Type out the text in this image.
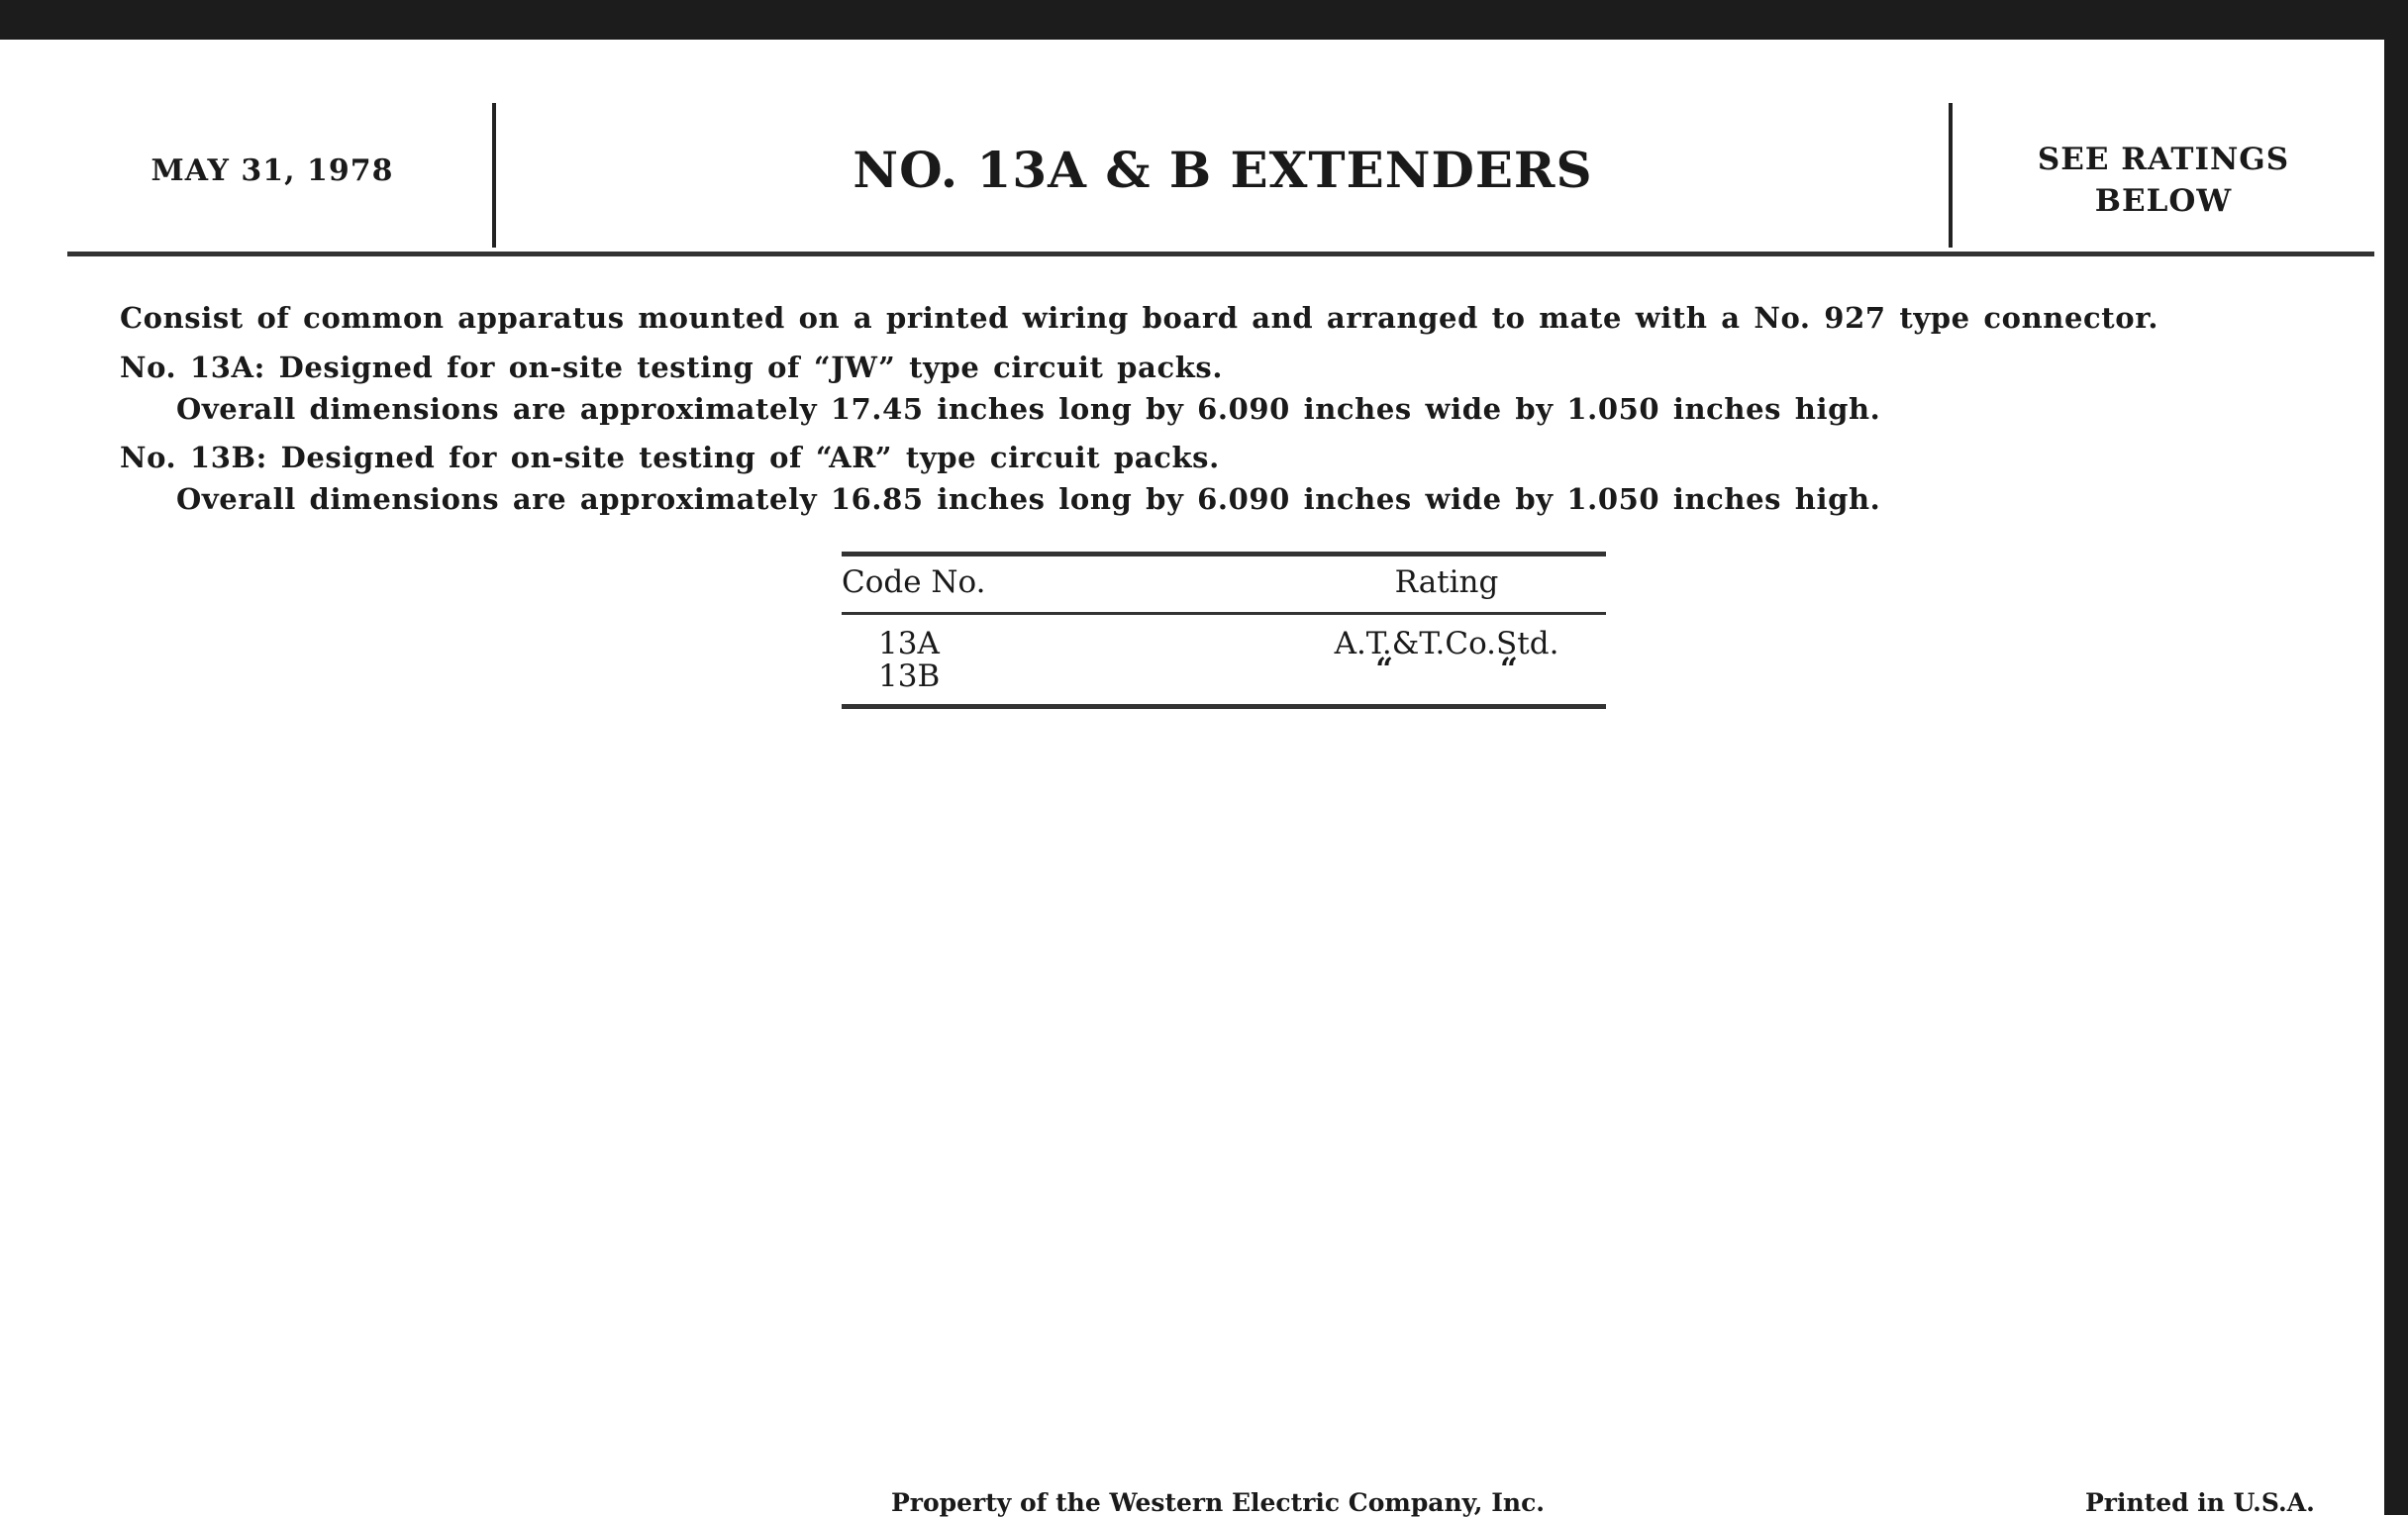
MAY 31, 1978	NO. 13A & B EXTENDERS	SEE RATINGS
BELOW
Consist of common apparatus mounted on a printed wiring board and arranged to mate with a No. 927 type connector.
No. 13A: Designed for on-site testing of “JW” type circuit packs.
Overall dimensions are approximately 17.45 inches long by 6.090 inches wide by 1.050 inches high.
No. 13B: Designed for on-site testing of “AR” type circuit packs.
Overall dimensions are approximately 16.85 inches long by 6.090 inches wide by 1.050 inches high.
Code No.	Rating
13A	A.T.&T.Co.Std.
13B	“          “
Property of the Western Electric Company, Inc.	Printed in U.S.A.
